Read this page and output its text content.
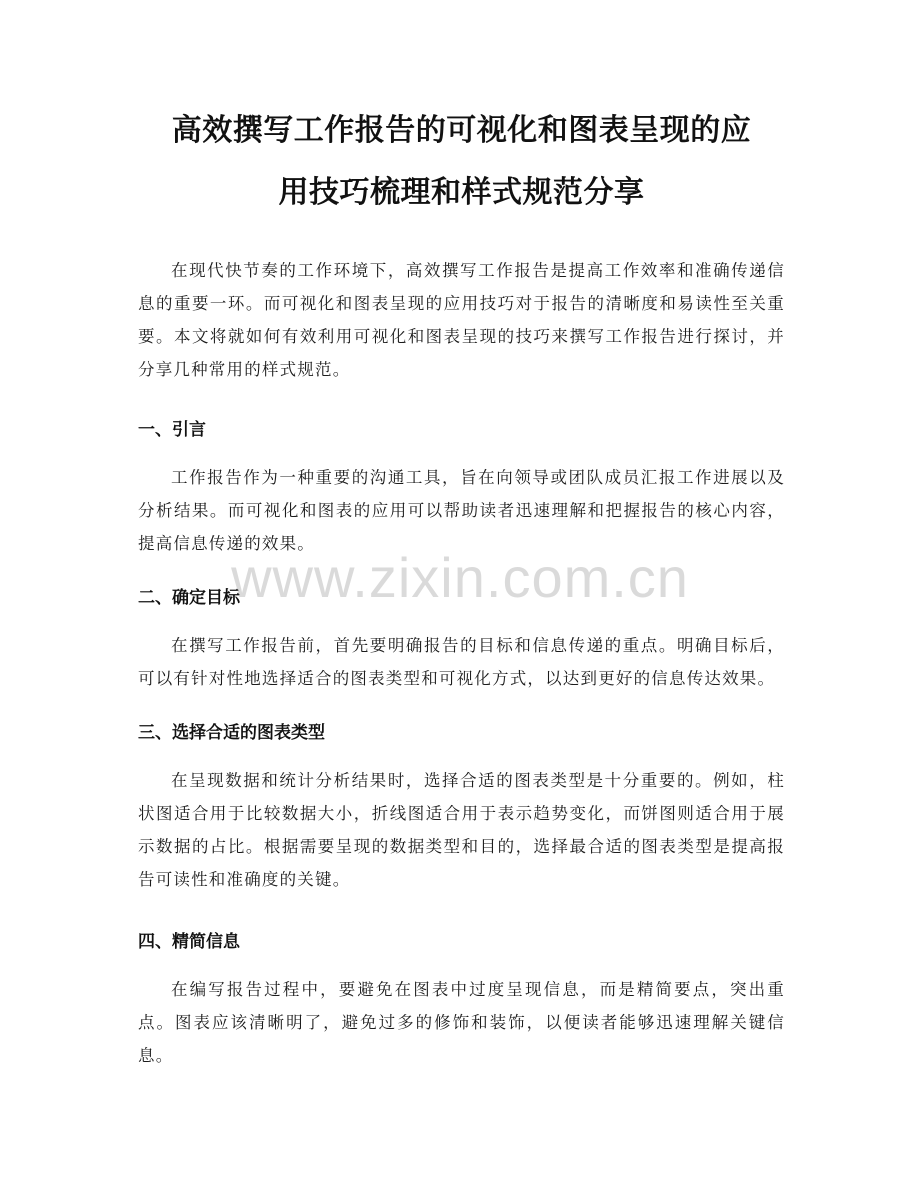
高效撰写工作报告的可视化和图表呈现的应
用技巧梳理和样式规范分享

在现代快节奏的工作环境下，高效撰写工作报告是提高工作效率和准确传递信息的重要一环。而可视化和图表呈现的应用技巧对于报告的清晰度和易读性至关重要。本文将就如何有效利用可视化和图表呈现的技巧来撰写工作报告进行探讨，并分享几种常用的样式规范。

一、引言

工作报告作为一种重要的沟通工具，旨在向领导或团队成员汇报工作进展以及分析结果。而可视化和图表的应用可以帮助读者迅速理解和把握报告的核心内容，提高信息传递的效果。

二、确定目标

在撰写工作报告前，首先要明确报告的目标和信息传递的重点。明确目标后，可以有针对性地选择适合的图表类型和可视化方式，以达到更好的信息传达效果。

三、选择合适的图表类型

在呈现数据和统计分析结果时，选择合适的图表类型是十分重要的。例如，柱状图适合用于比较数据大小，折线图适合用于表示趋势变化，而饼图则适合用于展示数据的占比。根据需要呈现的数据类型和目的，选择最合适的图表类型是提高报告可读性和准确度的关键。

四、精简信息

在编写报告过程中，要避免在图表中过度呈现信息，而是精简要点，突出重点。图表应该清晰明了，避免过多的修饰和装饰，以便读者能够迅速理解关键信息。

www.zixin.com.cn
